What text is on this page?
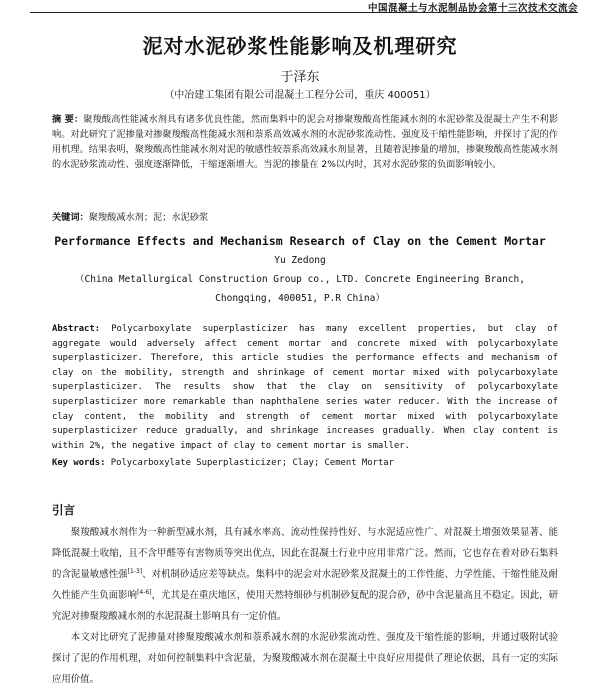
中国混凝土与水泥制品协会第十三次技术交流会
泥对水泥砂浆性能影响及机理研究
于泽东
（中冶建工集团有限公司混凝土工程分公司，重庆 400051）
摘 要：聚羧酸高性能减水剂具有诸多优良性能，然而集料中的泥会对掺聚羧酸高性能减水剂的水泥砂浆及混凝土产生不利影响。对此研究了泥掺量对掺聚羧酸高性能减水剂和萘系高效减水剂的水泥砂浆流动性、强度及干缩性能影响，并探讨了泥的作用机理。结果表明，聚羧酸高性能减水剂对泥的敏感性较萘系高效减水剂显著，且随着泥掺量的增加，掺聚羧酸高性能减水剂的水泥砂浆流动性、强度逐渐降低，干缩逐渐增大。当泥的掺量在 2%以内时，其对水泥砂浆的负面影响较小。
关键词：聚羧酸减水剂；泥；水泥砂浆
Performance Effects and Mechanism Research of Clay on the Cement Mortar
Yu Zedong
（China Metallurgical Construction Group co., LTD. Concrete Engineering Branch, Chongqing, 400051, P.R China）
Abstract: Polycarboxylate superplasticizer has many excellent properties, but clay of aggregate would adversely affect cement mortar and concrete mixed with polycarboxylate superplasticizer. Therefore, this article studies the performance effects and mechanism of clay on the mobility, strength and shrinkage of cement mortar mixed with polycarboxylate superplasticizer. The results show that the clay on sensitivity of polycarboxylate superplasticizer more remarkable than naphthalene series water reducer. With the increase of clay content, the mobility and strength of cement mortar mixed with polycarboxylate superplasticizer reduce gradually, and shrinkage increases gradually. When clay content is within 2%, the negative impact of clay to cement mortar is smaller.
Key words: Polycarboxylate Superplasticizer; Clay; Cement Mortar
引言

聚羧酸减水剂作为一种新型减水剂，具有减水率高、流动性保持性好、与水泥适应性广、对混凝土增强效果显著、能降低混凝土收缩，且不含甲醛等有害物质等突出优点，因此在混凝土行业中应用非常广泛。然而，它也存在着对砂石集料的含泥量敏感性强[1-3]、对机制砂适应差等缺点。集料中的泥会对水泥砂浆及混凝土的工作性能、力学性能、干缩性能及耐久性能产生负面影响[4-6]，尤其是在重庆地区，使用天然特细砂与机制砂复配的混合砂，砂中含泥量高且不稳定。因此，研究泥对掺聚羧酸减水剂的水泥混凝土影响具有一定价值。

本文对比研究了泥掺量对掺聚羧酸减水剂和萘系减水剂的水泥砂浆流动性、强度及干缩性能的影响，并通过吸附试验探讨了泥的作用机理，对如何控制集料中含泥量，为聚羧酸减水剂在混凝土中良好应用提供了理论依据，具有一定的实际应用价值。
